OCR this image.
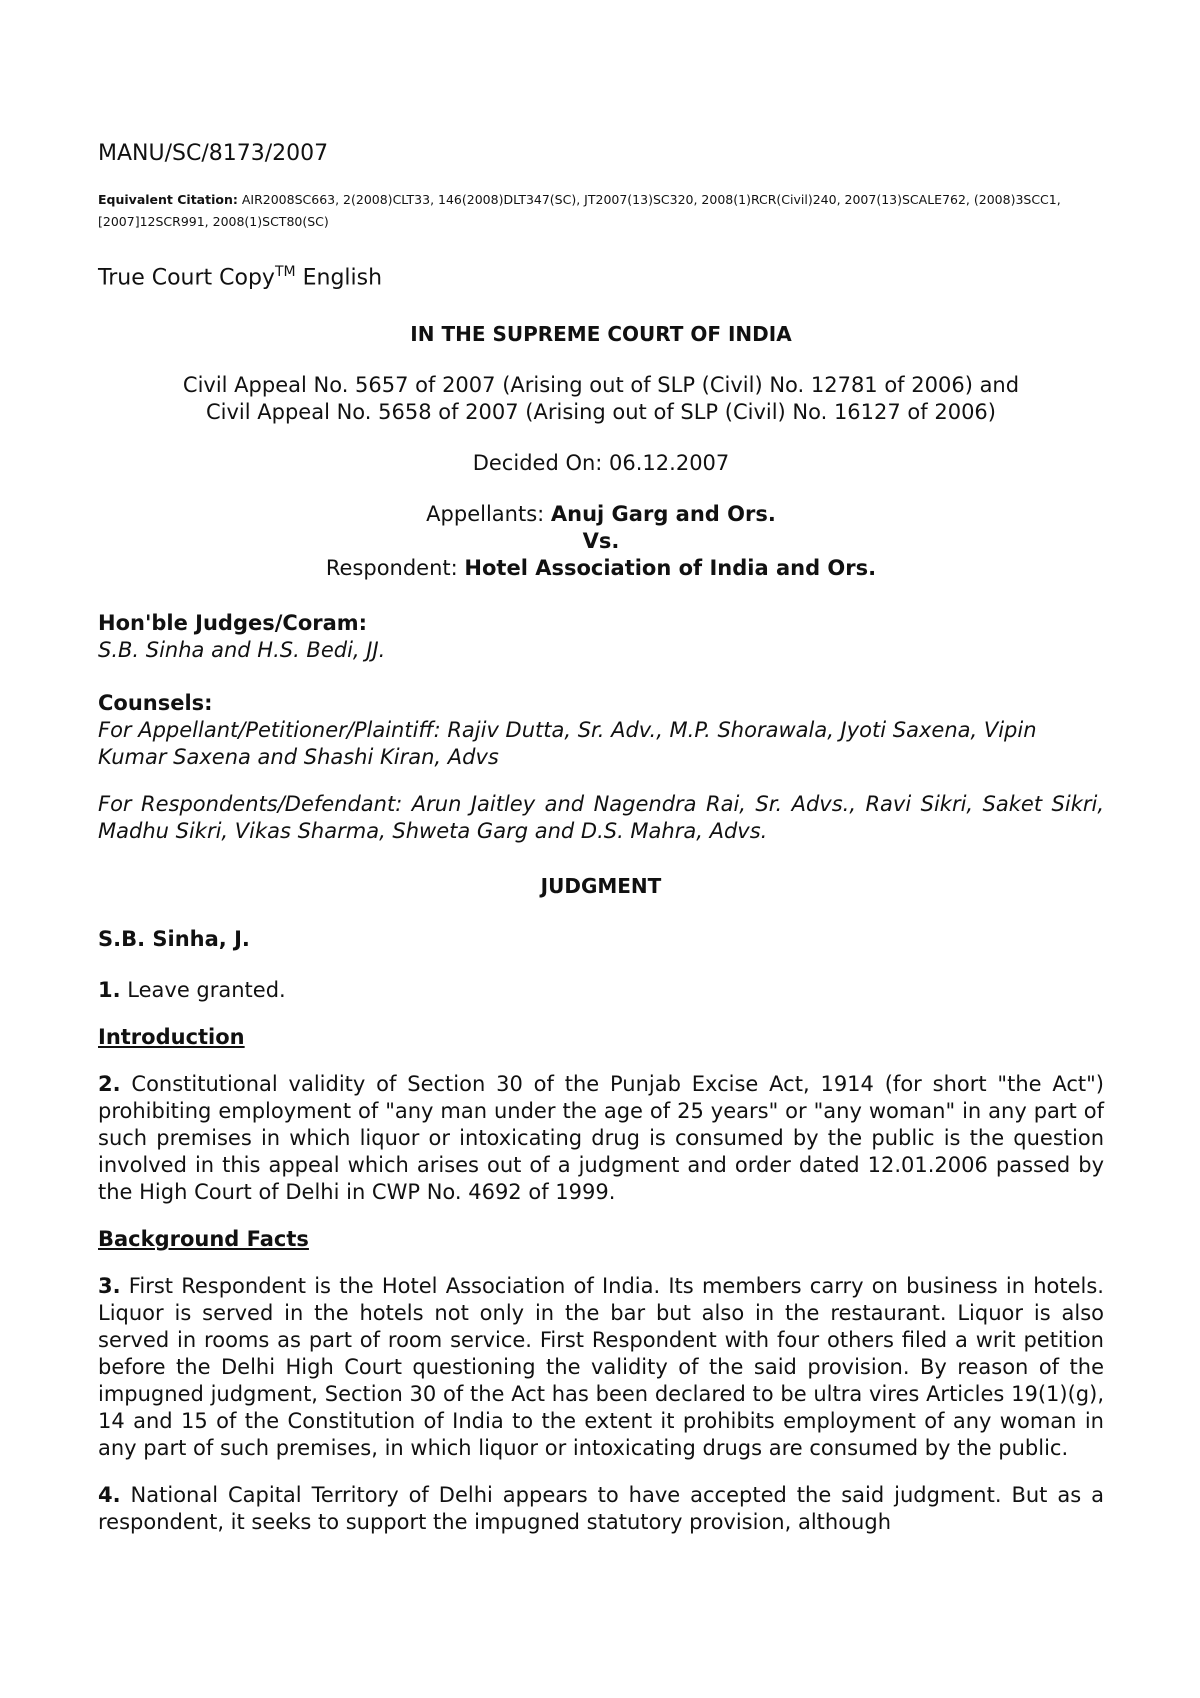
MANU/SC/8173/2007

Equivalent Citation: AIR2008SC663, 2(2008)CLT33, 146(2008)DLT347(SC), JT2007(13)SC320, 2008(1)RCR(Civil)240, 2007(13)SCALE762, (2008)3SCC1, [2007]12SCR991, 2008(1)SCT80(SC)

True Court Copy™ English

IN THE SUPREME COURT OF INDIA

Civil Appeal No. 5657 of 2007 (Arising out of SLP (Civil) No. 12781 of 2006) and
Civil Appeal No. 5658 of 2007 (Arising out of SLP (Civil) No. 16127 of 2006)

Decided On: 06.12.2007

Appellants: Anuj Garg and Ors.
Vs.
Respondent: Hotel Association of India and Ors.

Hon'ble Judges/Coram:

S.B. Sinha and H.S. Bedi, JJ.

Counsels:

For Appellant/Petitioner/Plaintiff: Rajiv Dutta, Sr. Adv., M.P. Shorawala, Jyoti Saxena, Vipin Kumar Saxena and Shashi Kiran, Advs

For Respondents/Defendant: Arun Jaitley and Nagendra Rai, Sr. Advs., Ravi Sikri, Saket Sikri, Madhu Sikri, Vikas Sharma, Shweta Garg and D.S. Mahra, Advs.

JUDGMENT

S.B. Sinha, J.

1. Leave granted.

Introduction

2. Constitutional validity of Section 30 of the Punjab Excise Act, 1914 (for short "the Act") prohibiting employment of "any man under the age of 25 years" or "any woman" in any part of such premises in which liquor or intoxicating drug is consumed by the public is the question involved in this appeal which arises out of a judgment and order dated 12.01.2006 passed by the High Court of Delhi in CWP No. 4692 of 1999.

Background Facts

3. First Respondent is the Hotel Association of India. Its members carry on business in hotels. Liquor is served in the hotels not only in the bar but also in the restaurant. Liquor is also served in rooms as part of room service. First Respondent with four others filed a writ petition before the Delhi High Court questioning the validity of the said provision. By reason of the impugned judgment, Section 30 of the Act has been declared to be ultra vires Articles 19(1)(g), 14 and 15 of the Constitution of India to the extent it prohibits employment of any woman in any part of such premises, in which liquor or intoxicating drugs are consumed by the public.

4. National Capital Territory of Delhi appears to have accepted the said judgment. But as a respondent, it seeks to support the impugned statutory provision, although
